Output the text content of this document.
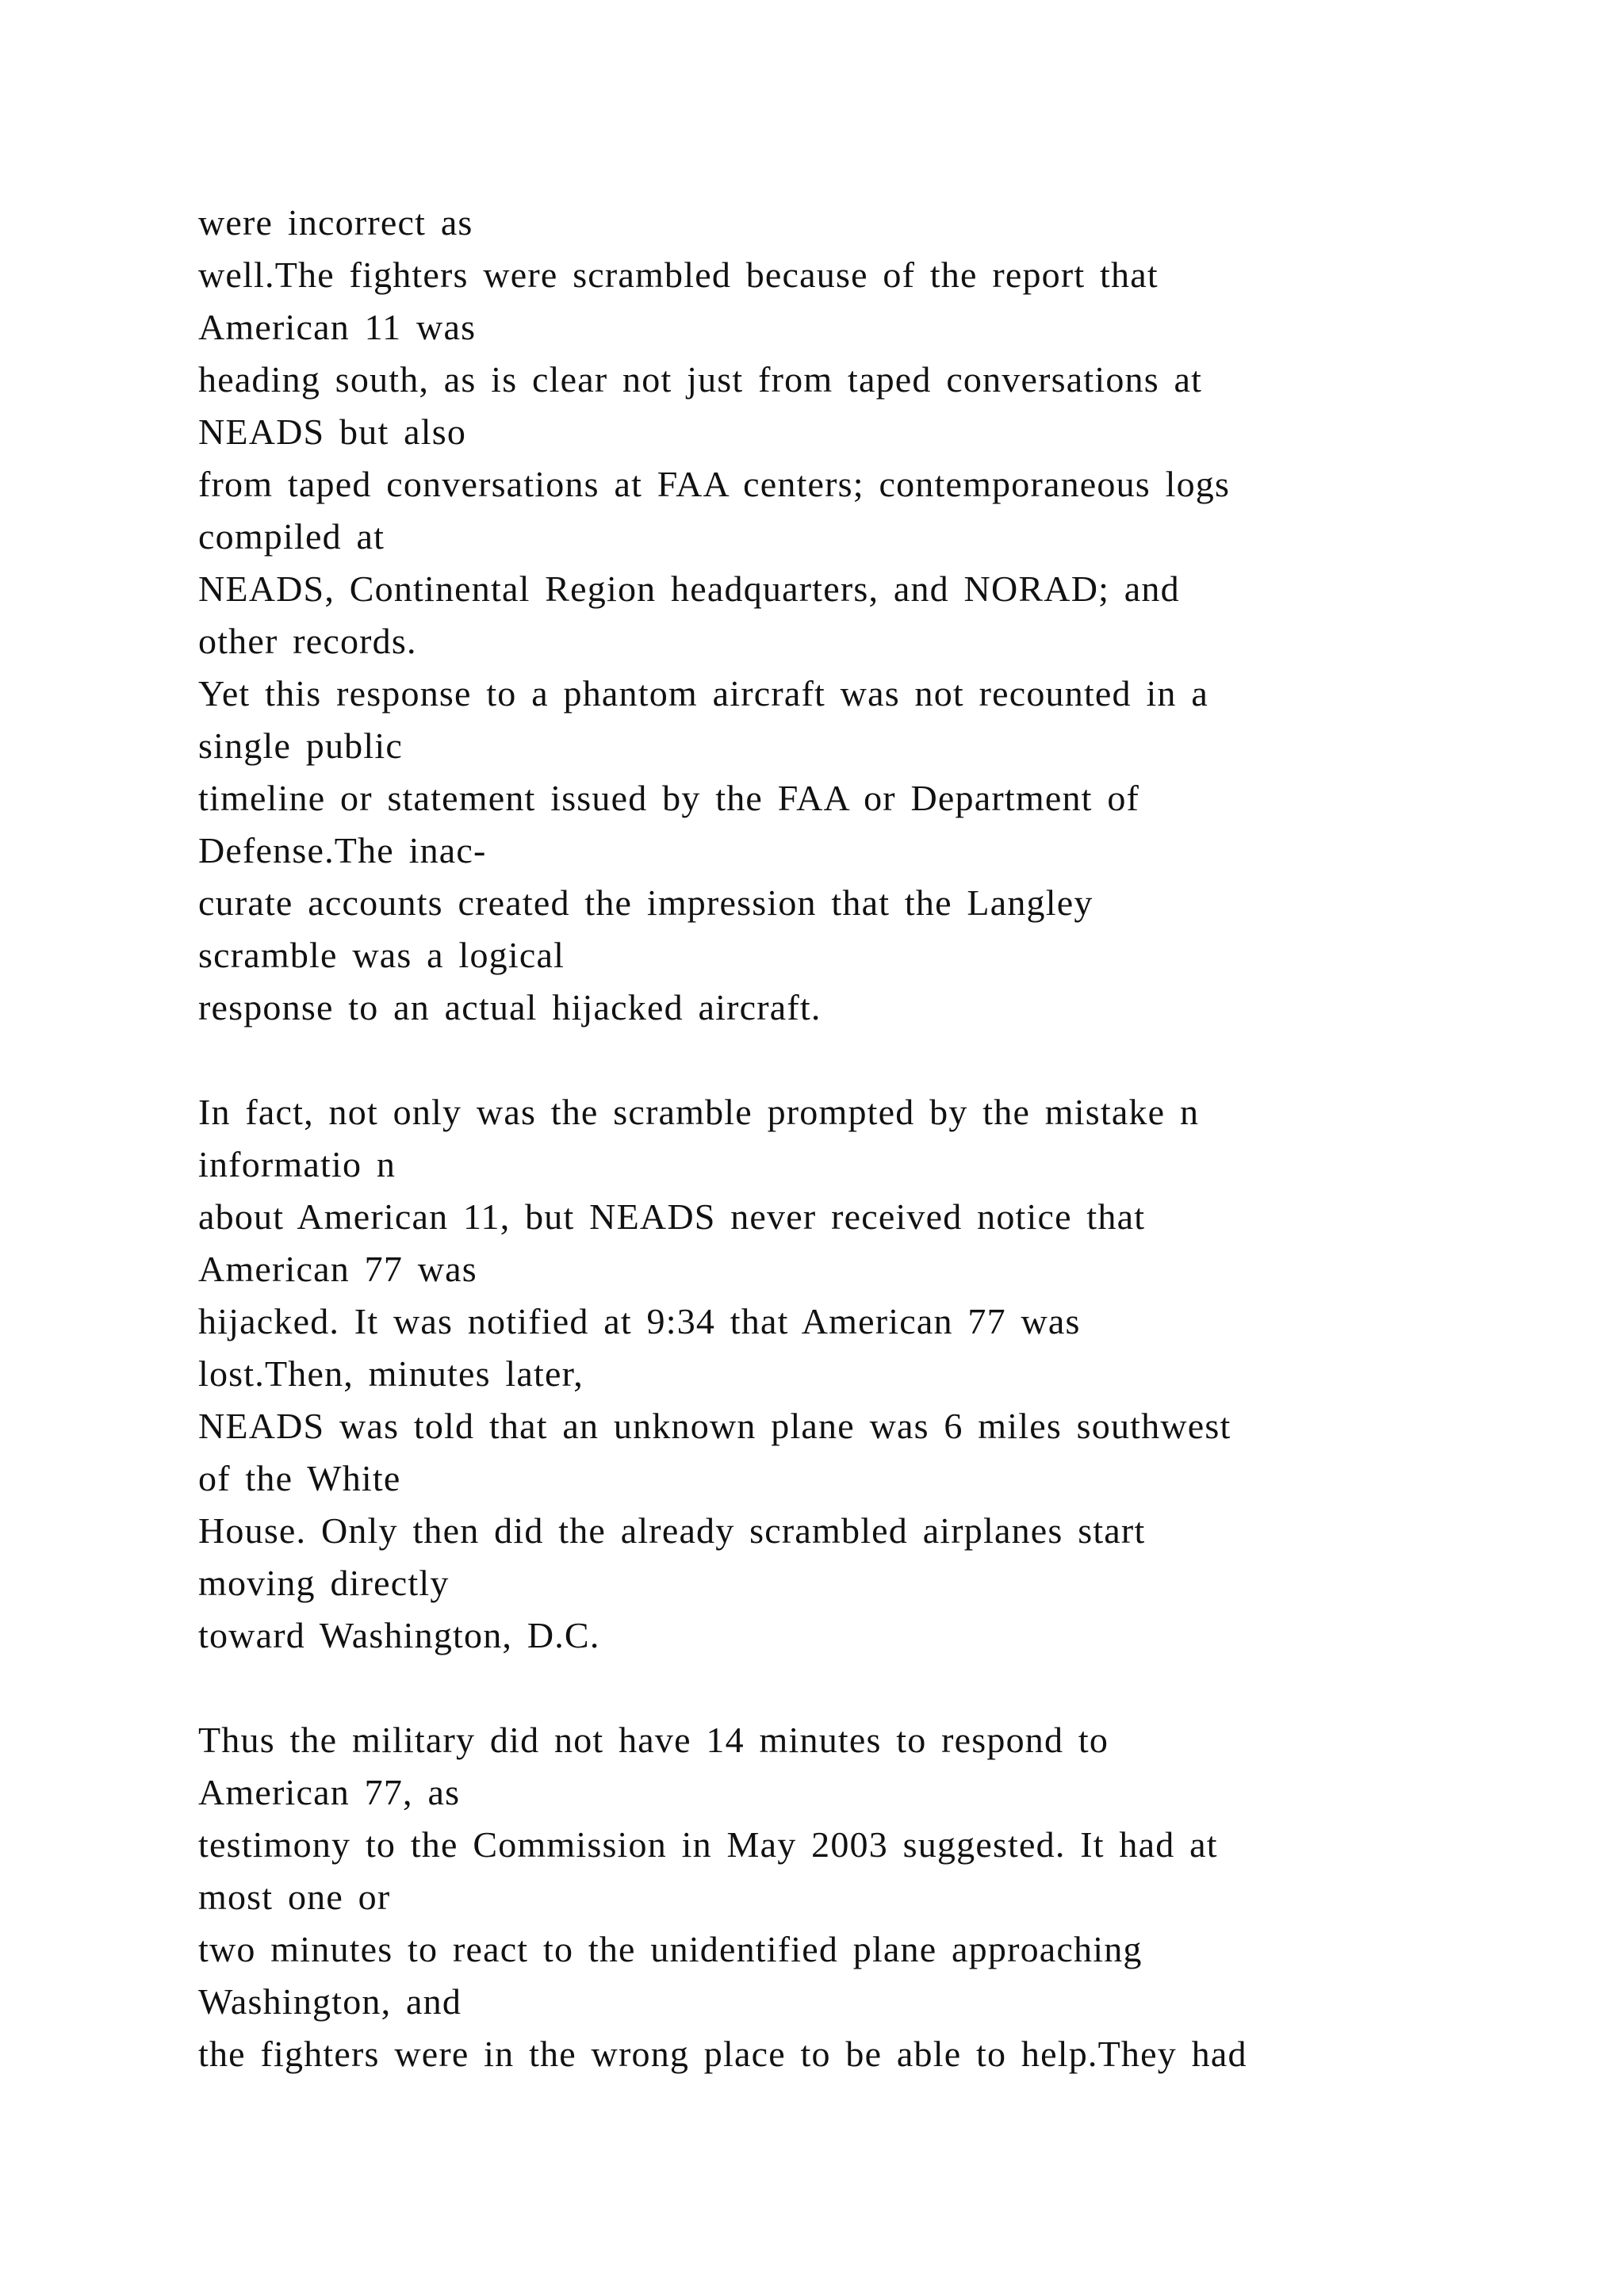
were incorrect as
well.The fighters were scrambled because of the report that
American 11 was
heading south, as is clear not just from taped conversations at
NEADS but also
from taped conversations at FAA centers; contemporaneous logs
compiled at
NEADS, Continental Region headquarters, and NORAD; and
other records.
Yet this response to a phantom aircraft was not recounted in a
single public
timeline or statement issued by the FAA or Department of
Defense.The inac-
curate accounts created the impression that the Langley
scramble was a logical
response to an actual hijacked aircraft.
In fact, not only was the scramble prompted by the mistake n
informatio n
about American 11, but NEADS never received notice that
American 77 was
hijacked. It was notified at 9:34 that American 77 was
lost.Then, minutes later,
NEADS was told that an unknown plane was 6 miles southwest
of the White
House. Only then did the already scrambled airplanes start
moving directly
toward Washington, D.C.
Thus the military did not have 14 minutes to respond to
American 77, as
testimony to the Commission in May 2003 suggested. It had at
most one or
two minutes to react to the unidentified plane approaching
Washington, and
the fighters were in the wrong place to be able to help.They had
